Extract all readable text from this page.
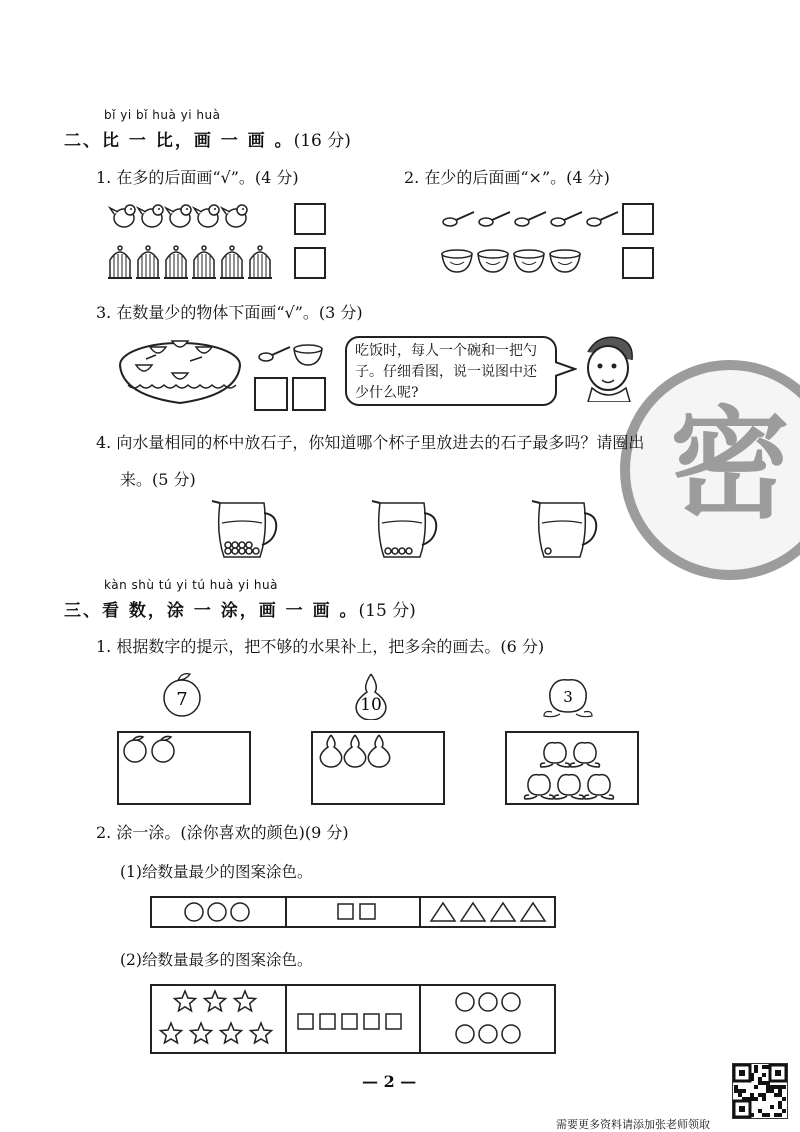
bǐ yi bǐ huà yi huà
二、比 一 比，画 一 画 。(16 分)
1. 在多的后面画“√”。(4 分)	2. 在少的后面画“×”。(4 分)
3. 在数量少的物体下面画“√”。(3 分)
吃饭时，每人一个碗和一把勺子。仔细看图，说一说图中还少什么呢?
密
4. 向水量相同的杯中放石子，你知道哪个杯子里放进去的石子最多吗？请圈出
来。(5 分)
kàn shù tú yi tú huà yi huà
三、看 数，涂 一 涂，画 一 画 。(15 分)
1. 根据数字的提示，把不够的水果补上，把多余的画去。(6 分)
7	10	3
2. 涂一涂。(涂你喜欢的颜色)(9 分)
(1)给数量最少的图案涂色。
(2)给数量最多的图案涂色。
— 2 —
需要更多资料请添加张老师领取
